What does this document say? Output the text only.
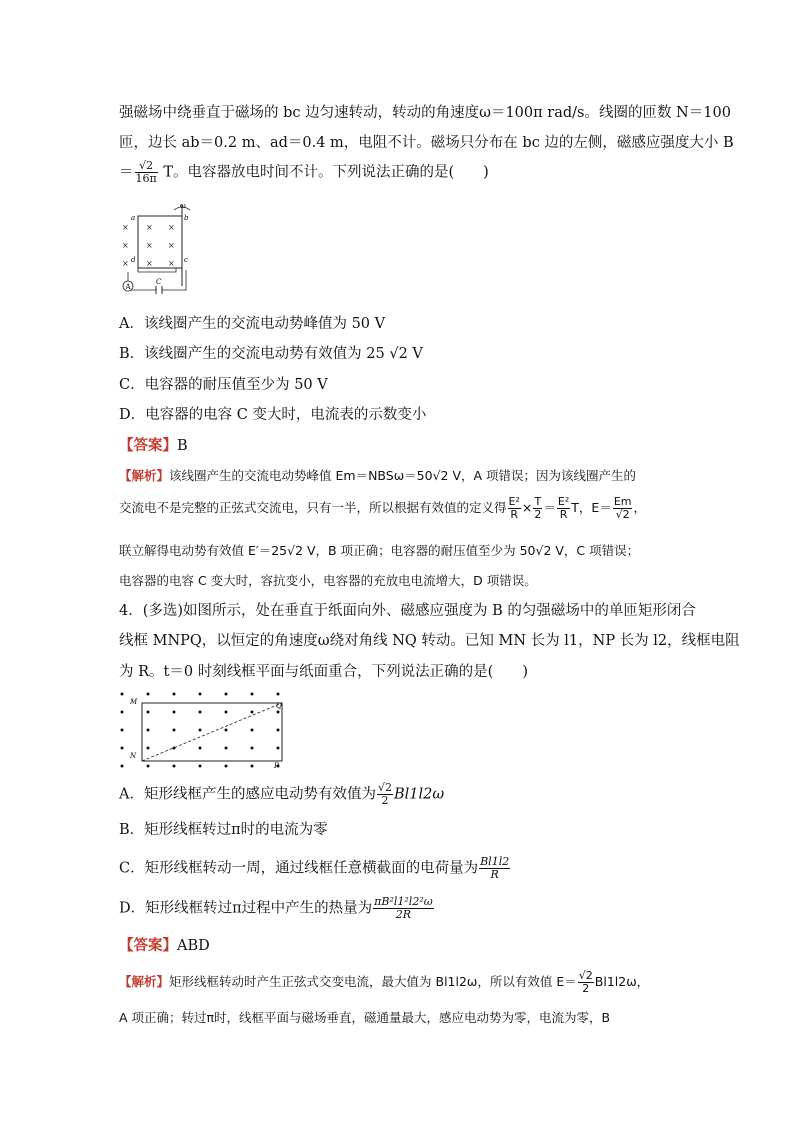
强磁场中绕垂直于磁场的 bc 边匀速转动，转动的角速度ω＝100π rad/s。线圈的匝数 N＝100
匝，边长 ab＝0.2 m、ad＝0.4 m，电阻不计。磁场只分布在 bc 边的左侧，磁感应强度大小 B
＝ $\frac{√2}{16\pi}$ T。电容器放电时间不计。下列说法正确的是(　　)
ω
a	b
d	c
×
×
×
× ×
× ×
× ×
A
C
A．该线圈产生的交流电动势峰值为 50 V
B．该线圈产生的交流电动势有效值为 25 √2 V
C．电容器的耐压值至少为 50 V
D．电容器的电容 C 变大时，电流表的示数变小
【答案】B
【解析】该线圈产生的交流电动势峰值 Em＝NBSω＝50√2 V，A 项错误；因为该线圈产生的
交流电不是完整的正弦式交流电，只有一半，所以根据有效值的定义得 $\frac{\text{E²}}{R} \times \frac{T}{2} = \frac{\text{E²}}{R}$ T，$E= \frac{Em}{√2}$ ，
联立解得电动势有效值 E′＝25√2 V，B 项正确；电容器的耐压值至少为 50√2 V，C 项错误；
电容器的电容 C 变大时，容抗变小，电容器的充放电电流增大，D 项错误。
4．(多选)如图所示，处在垂直于纸面向外、磁感应强度为 B 的匀强磁场中的单匝矩形闭合
线框 MNPQ，以恒定的角速度ω绕对角线 NQ 转动。已知 MN 长为 l1，NP 长为 l2，线框电阻
为 R。t＝0 时刻线框平面与纸面重合，下列说法正确的是(　　)
M
N
P
Q
A．矩形线框产生的感应电动势有效值为 $\frac{√2}{2} Bl1l2\omega$
B．矩形线框转过π时的电流为零
C．矩形线框转动一周，通过线框任意横截面的电荷量为 $\frac{Bl1l2}{R}$
D．矩形线框转过π过程中产生的热量为 $\frac{\text{πB²l1²l2²ω}}{2R}$
【答案】ABD
【解析】矩形线框转动时产生正弦式交变电流，最大值为 Bl1l2ω，所以有效值 $E= \frac{√2}{2} Bl1l2\omega$，
A 项正确；转过π时，线框平面与磁场垂直，磁通量最大，感应电动势为零，电流为零，B
